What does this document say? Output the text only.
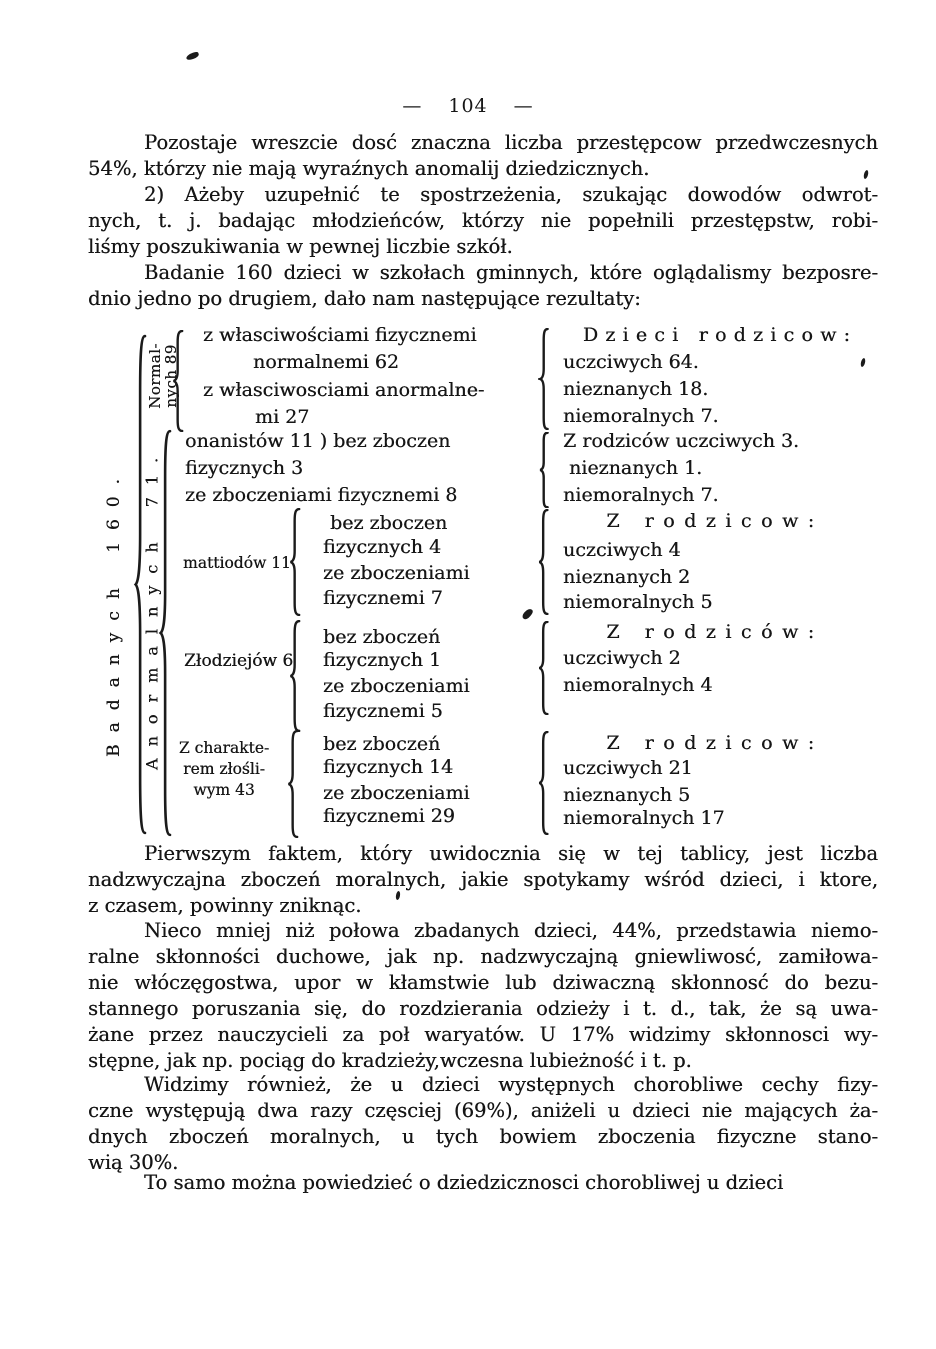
— 104 —
Pozostaje wreszcie dosć znaczna liczba przestępcow przedwczesnych
54%, którzy nie mają wyraźnych anomalij dziedzicznych.
2) Ażeby uzupełnić te spostrzeżenia, szukając dowodów odwrot-
nych, t. j. badając młodzieńców, którzy nie popełnili przestępstw, robi-
liśmy poszukiwania w pewnej liczbie szkół.
Badanie 160 dzieci w szkołach gminnych, które oglądalismy bezposre-
dnio jedno po drugiem, dało nam następujące rezultaty:
Badanych 160.
Normal-
nych 89
Anormalnych 71.
z własciwościami fizycznemi
normalnemi 62
z własciwosciami anormalne-
mi 27
onanistów 11 ) bez zboczen
fizycznych 3
ze zboczeniami fizycznemi 8
mattiodów 11
bez zboczen
fizycznych 4
ze zboczeniami
fizycznemi 7
Złodziejów 6
bez zboczeń
fizycznych 1
ze zboczeniami
fizycznemi 5
Z charakte-
rem złośli-
wym 43
bez zboczeń
fizycznych 14
ze zboczeniami
fizycznemi 29
Dzieci rodzicow:
uczciwych 64.
nieznanych 18.
niemoralnych 7.
Z rodziców uczciwych 3.
nieznanych 1.
niemoralnych 7.
Z rodzicow:
uczciwych 4
nieznanych 2
niemoralnych 5
Z rodziców:
uczciwych 2
niemoralnych 4
Z rodzicow:
uczciwych 21
nieznanych 5
niemoralnych 17
Pierwszym faktem, który uwidocznia się w tej tablicy, jest liczba
nadzwyczajna zboczeń moralnych, jakie spotykamy wśród dzieci, i ktore,
z czasem, powinny zniknąc.
Nieco mniej niż połowa zbadanych dzieci, 44%, przedstawia niemo-
ralne skłonności duchowe, jak np. nadzwyczajną gniewliwosć, zamiłowa-
nie włóczęgostwa, upor w kłamstwie lub dziwaczną skłonnosć do bezu-
stannego poruszania się, do rozdzierania odzieży i t. d., tak, że są uwa-
żane przez nauczycieli za poł waryatów. U 17% widzimy skłonnosci wy-
stępne, jak np. pociąg do kradzieży,wczesna lubieżność i t. p.
Widzimy również, że u dzieci występnych chorobliwe cechy fizy-
czne występują dwa razy częsciej (69%), aniżeli u dzieci nie mających ża-
dnych zboczeń moralnych, u tych bowiem zboczenia fizyczne stano-
wią 30%.
To samo można powiedzieć o dziedzicznosci chorobliwej u dzieci
